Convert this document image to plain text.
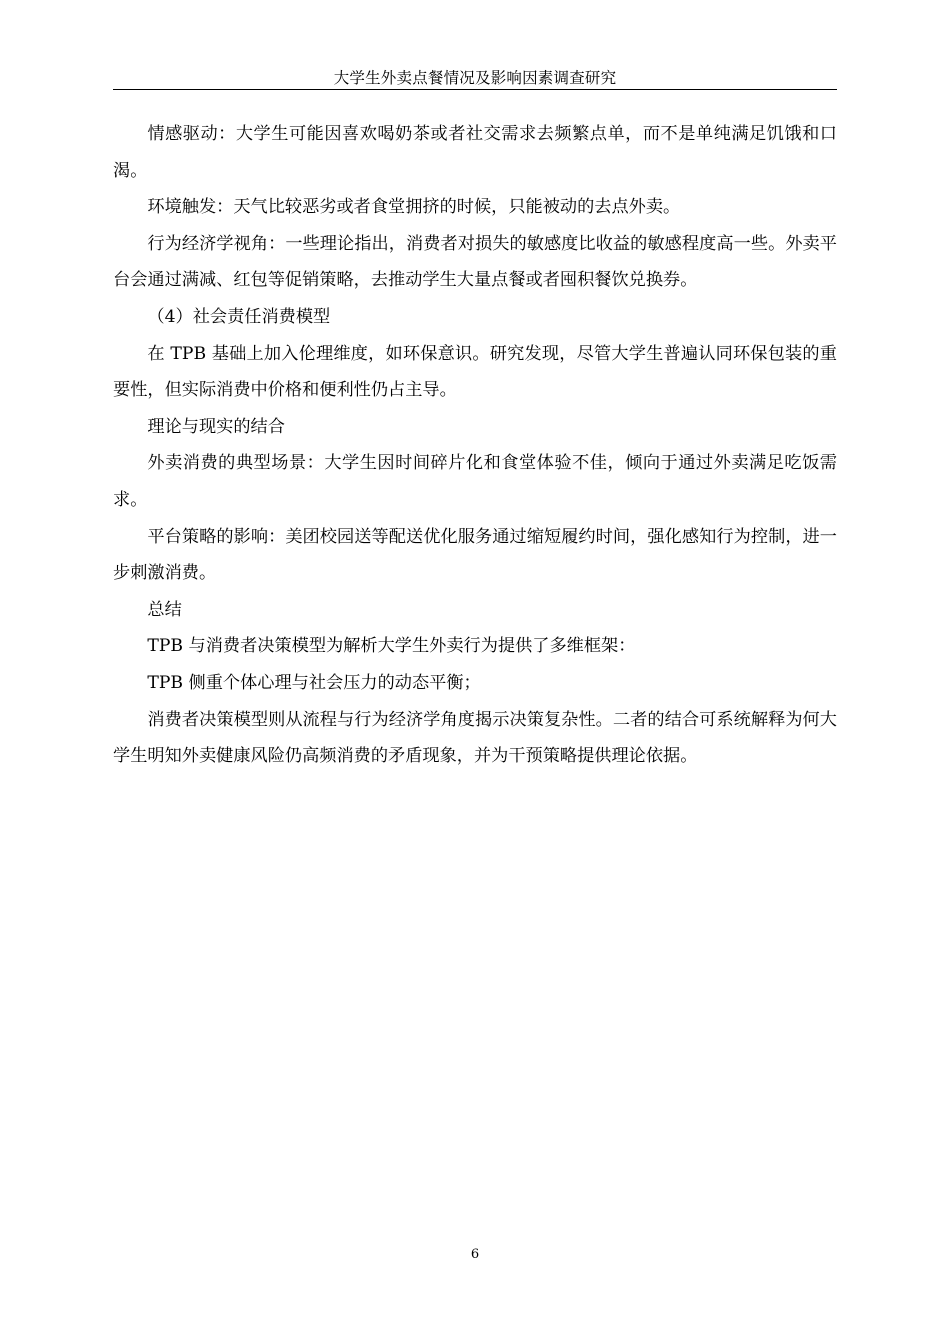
大学生外卖点餐情况及影响因素调查研究

情感驱动：大学生可能因喜欢喝奶茶或者社交需求去频繁点单，而不是单纯满足饥饿和口渴。

环境触发：天气比较恶劣或者食堂拥挤的时候，只能被动的去点外卖。

行为经济学视角：一些理论指出，消费者对损失的敏感度比收益的敏感程度高一些。外卖平台会通过满减、红包等促销策略，去推动学生大量点餐或者囤积餐饮兑换券。

（4）社会责任消费模型

在 TPB 基础上加入伦理维度，如环保意识。研究发现，尽管大学生普遍认同环保包装的重要性，但实际消费中价格和便利性仍占主导。

理论与现实的结合

外卖消费的典型场景：大学生因时间碎片化和食堂体验不佳，倾向于通过外卖满足吃饭需求。

平台策略的影响：美团校园送等配送优化服务通过缩短履约时间，强化感知行为控制，进一步刺激消费。

总结

TPB 与消费者决策模型为解析大学生外卖行为提供了多维框架：

TPB 侧重个体心理与社会压力的动态平衡；

消费者决策模型则从流程与行为经济学角度揭示决策复杂性。二者的结合可系统解释为何大学生明知外卖健康风险仍高频消费的矛盾现象，并为干预策略提供理论依据。

6
